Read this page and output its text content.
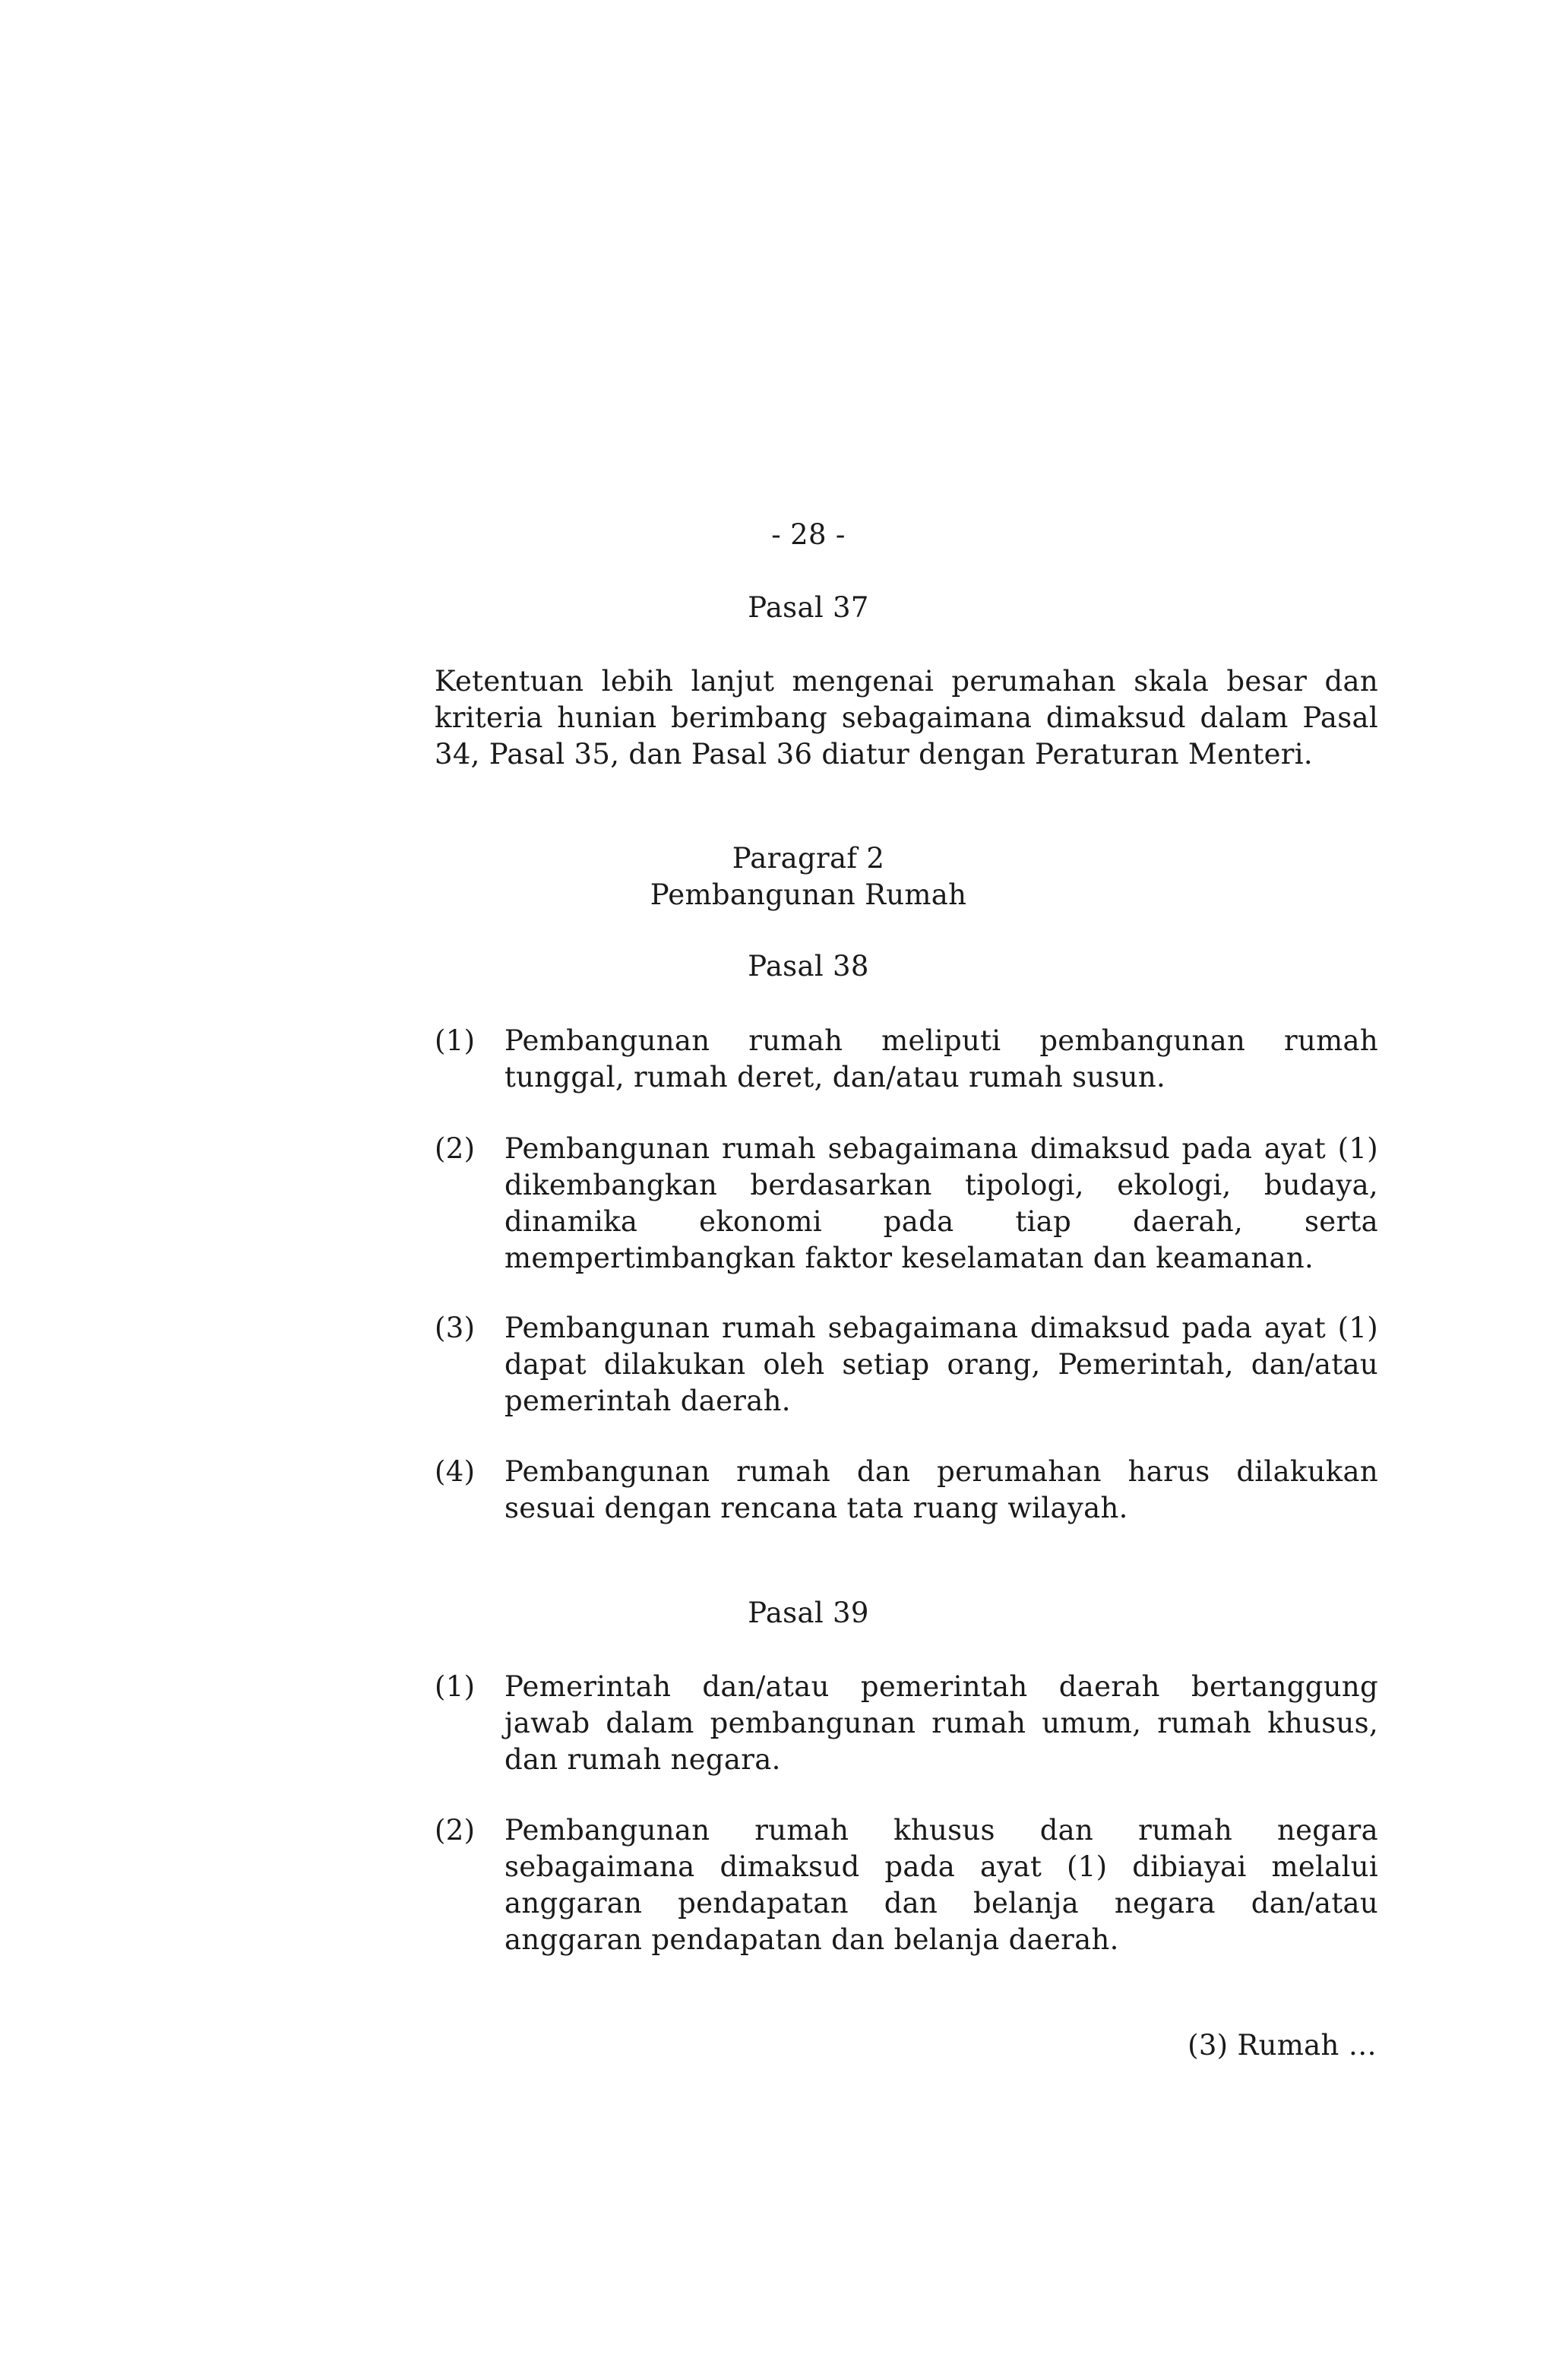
- 28 -
Pasal 37
Ketentuan lebih lanjut mengenai perumahan skala besar dan kriteria hunian berimbang sebagaimana dimaksud dalam Pasal 34, Pasal 35, dan Pasal 36 diatur dengan Peraturan Menteri.
Paragraf 2
Pembangunan Rumah
Pasal 38
(1)	Pembangunan rumah meliputi pembangunan rumah tunggal, rumah deret, dan/atau rumah susun.
(2)	Pembangunan rumah sebagaimana dimaksud pada ayat (1) dikembangkan berdasarkan tipologi, ekologi, budaya, dinamika ekonomi pada tiap daerah, serta mempertimbangkan faktor keselamatan dan keamanan.
(3)	Pembangunan rumah sebagaimana dimaksud pada ayat (1) dapat dilakukan oleh setiap orang, Pemerintah, dan/atau pemerintah daerah.
(4)	Pembangunan rumah dan perumahan harus dilakukan sesuai dengan rencana tata ruang wilayah.
Pasal 39
(1)	Pemerintah dan/atau pemerintah daerah bertanggung jawab dalam pembangunan rumah umum, rumah khusus, dan rumah negara.
(2)	Pembangunan rumah khusus dan rumah negara sebagaimana dimaksud pada ayat (1) dibiayai melalui anggaran pendapatan dan belanja negara dan/atau anggaran pendapatan dan belanja daerah.
(3) Rumah …
